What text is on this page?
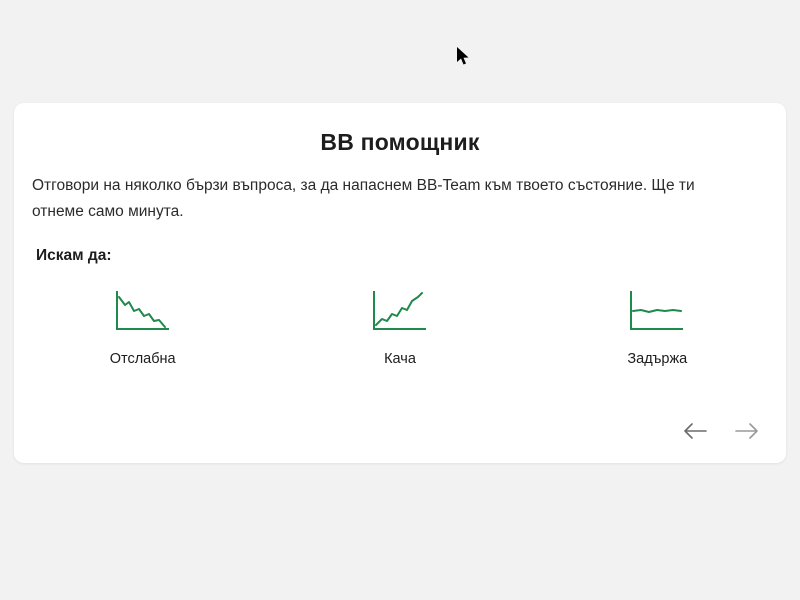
BB помощник
Отговори на няколко бързи въпроса, за да напаснем BB-Team към твоето състояние. Ще ти отнеме само минута.
Искам да:
Отслабна	Кача	Задържа
